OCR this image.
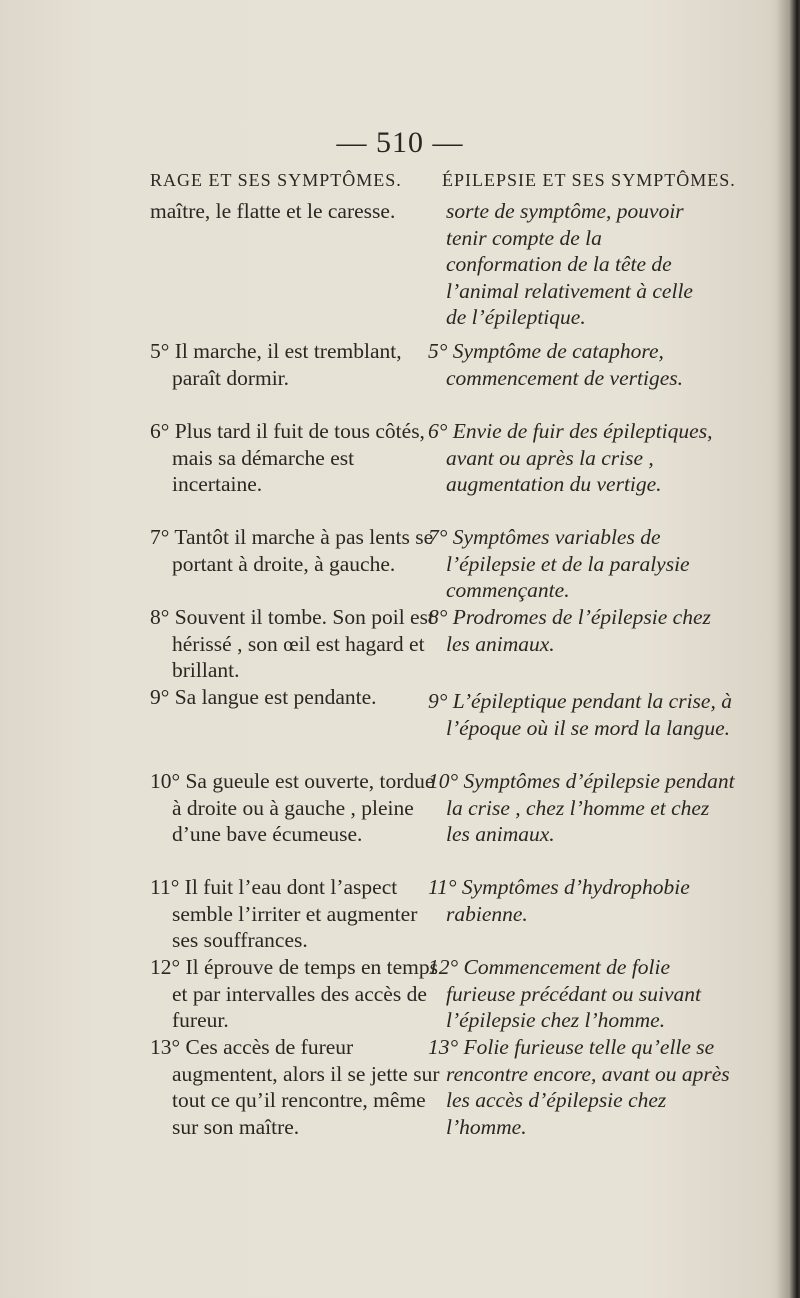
— 510 —
RAGE ET SES SYMPTÔMES.
maître, le flatte et le caresse.
5° Il marche, il est tremblant, paraît dormir.
6° Plus tard il fuit de tous côtés, mais sa démarche est incertaine.
7° Tantôt il marche à pas lents se portant à droite, à gauche.
8° Souvent il tombe. Son poil est hérissé , son œil est hagard et brillant.
9° Sa langue est pendante.
10° Sa gueule est ouverte, tordue à droite ou à gauche , pleine d’une bave écumeuse.
11° Il fuit l’eau dont l’aspect semble l’irriter et augmenter ses souffrances.
12° Il éprouve de temps en temps et par intervalles des accès de fureur.
13° Ces accès de fureur augmentent, alors il se jette sur tout ce qu’il rencontre, même sur son maître.
ÉPILEPSIE ET SES SYMPTÔMES.
sorte de symptôme, pouvoir tenir compte de la conformation de la tête de l’animal relativement à celle de l’épileptique.
5° Symptôme de cataphore, commencement de vertiges.
6° Envie de fuir des épileptiques, avant ou après la crise , augmentation du vertige.
7° Symptômes variables de l’épilepsie et de la paralysie commençante.
8° Prodromes de l’épilepsie chez les animaux.
9° L’épileptique pendant la crise, à l’époque où il se mord la langue.
10° Symptômes d’épilepsie pendant la crise , chez l’homme et chez les animaux.
11° Symptômes d’hydrophobie rabienne.
12° Commencement de folie furieuse précédant ou suivant l’épilepsie chez l’homme.
13° Folie furieuse telle qu’elle se rencontre encore, avant ou après les accès d’épilepsie chez l’homme.
